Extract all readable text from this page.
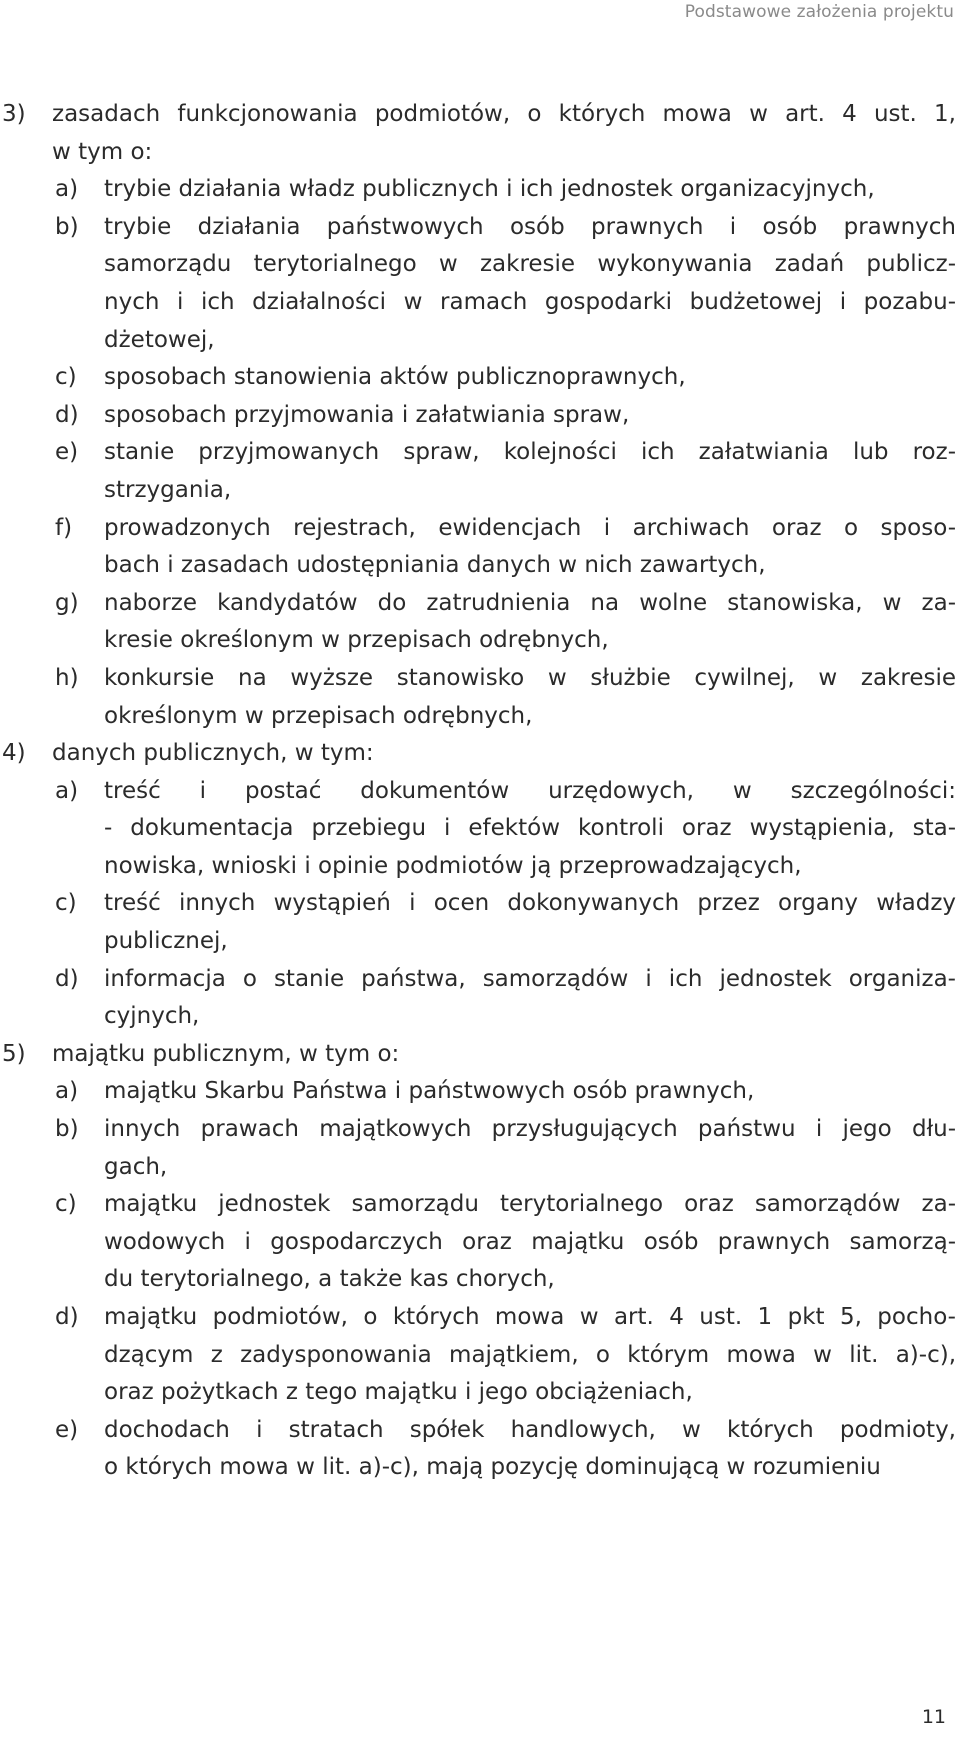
Podstawowe założenia projektu
3) zasadach funkcjonowania podmiotów, o których mowa w art. 4 ust. 1,
w tym o:
a) trybie działania władz publicznych i ich jednostek organizacyjnych,
b) trybie działania państwowych osób prawnych i osób prawnych
samorządu terytorialnego w zakresie wykonywania zadań publicz-
nych i ich działalności w ramach gospodarki budżetowej i pozabu-
dżetowej,
c) sposobach stanowienia aktów publicznoprawnych,
d) sposobach przyjmowania i załatwiania spraw,
e) stanie przyjmowanych spraw, kolejności ich załatwiania lub roz-
strzygania,
f) prowadzonych rejestrach, ewidencjach i archiwach oraz o sposo-
bach i zasadach udostępniania danych w nich zawartych,
g) naborze kandydatów do zatrudnienia na wolne stanowiska, w za-
kresie określonym w przepisach odrębnych,
h) konkursie na wyższe stanowisko w służbie cywilnej, w zakresie
określonym w przepisach odrębnych,
4) danych publicznych, w tym:
a) treść i postać dokumentów urzędowych, w szczególności:
- dokumentacja przebiegu i efektów kontroli oraz wystąpienia, sta-
nowiska, wnioski i opinie podmiotów ją przeprowadzających,
c) treść innych wystąpień i ocen dokonywanych przez organy władzy
publicznej,
d) informacja o stanie państwa, samorządów i ich jednostek organiza-
cyjnych,
5) majątku publicznym, w tym o:
a) majątku Skarbu Państwa i państwowych osób prawnych,
b) innych prawach majątkowych przysługujących państwu i jego dłu-
gach,
c) majątku jednostek samorządu terytorialnego oraz samorządów za-
wodowych i gospodarczych oraz majątku osób prawnych samorzą-
du terytorialnego, a także kas chorych,
d) majątku podmiotów, o których mowa w art. 4 ust. 1 pkt 5, pocho-
dzącym z zadysponowania majątkiem, o którym mowa w lit. a)-c),
oraz pożytkach z tego majątku i jego obciążeniach,
e) dochodach i stratach spółek handlowych, w których podmioty,
o których mowa w lit. a)-c), mają pozycję dominującą w rozumieniu
11
